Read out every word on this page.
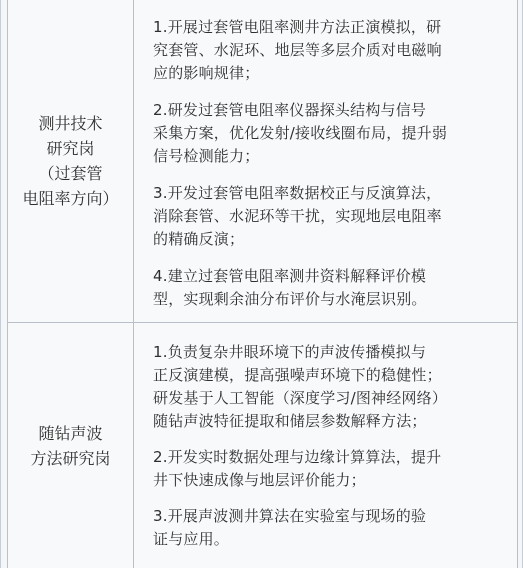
测井技术
研究岗
（过套管
电阻率方向）

1.开展过套管电阻率测井方法正演模拟，研
究套管、水泥环、地层等多层介质对电磁响
应的影响规律；

2.研发过套管电阻率仪器探头结构与信号
采集方案，优化发射/接收线圈布局，提升弱
信号检测能力；

3.开发过套管电阻率数据校正与反演算法，
消除套管、水泥环等干扰，实现地层电阻率
的精确反演；

4.建立过套管电阻率测井资料解释评价模
型，实现剩余油分布评价与水淹层识别。

随钻声波
方法研究岗

1.负责复杂井眼环境下的声波传播模拟与
正反演建模，提高强噪声环境下的稳健性；

研发基于人工智能（深度学习/图神经网络）
随钻声波特征提取和储层参数解释方法；

2.开发实时数据处理与边缘计算算法，提升
井下快速成像与地层评价能力；

3.开展声波测井算法在实验室与现场的验
证与应用。
